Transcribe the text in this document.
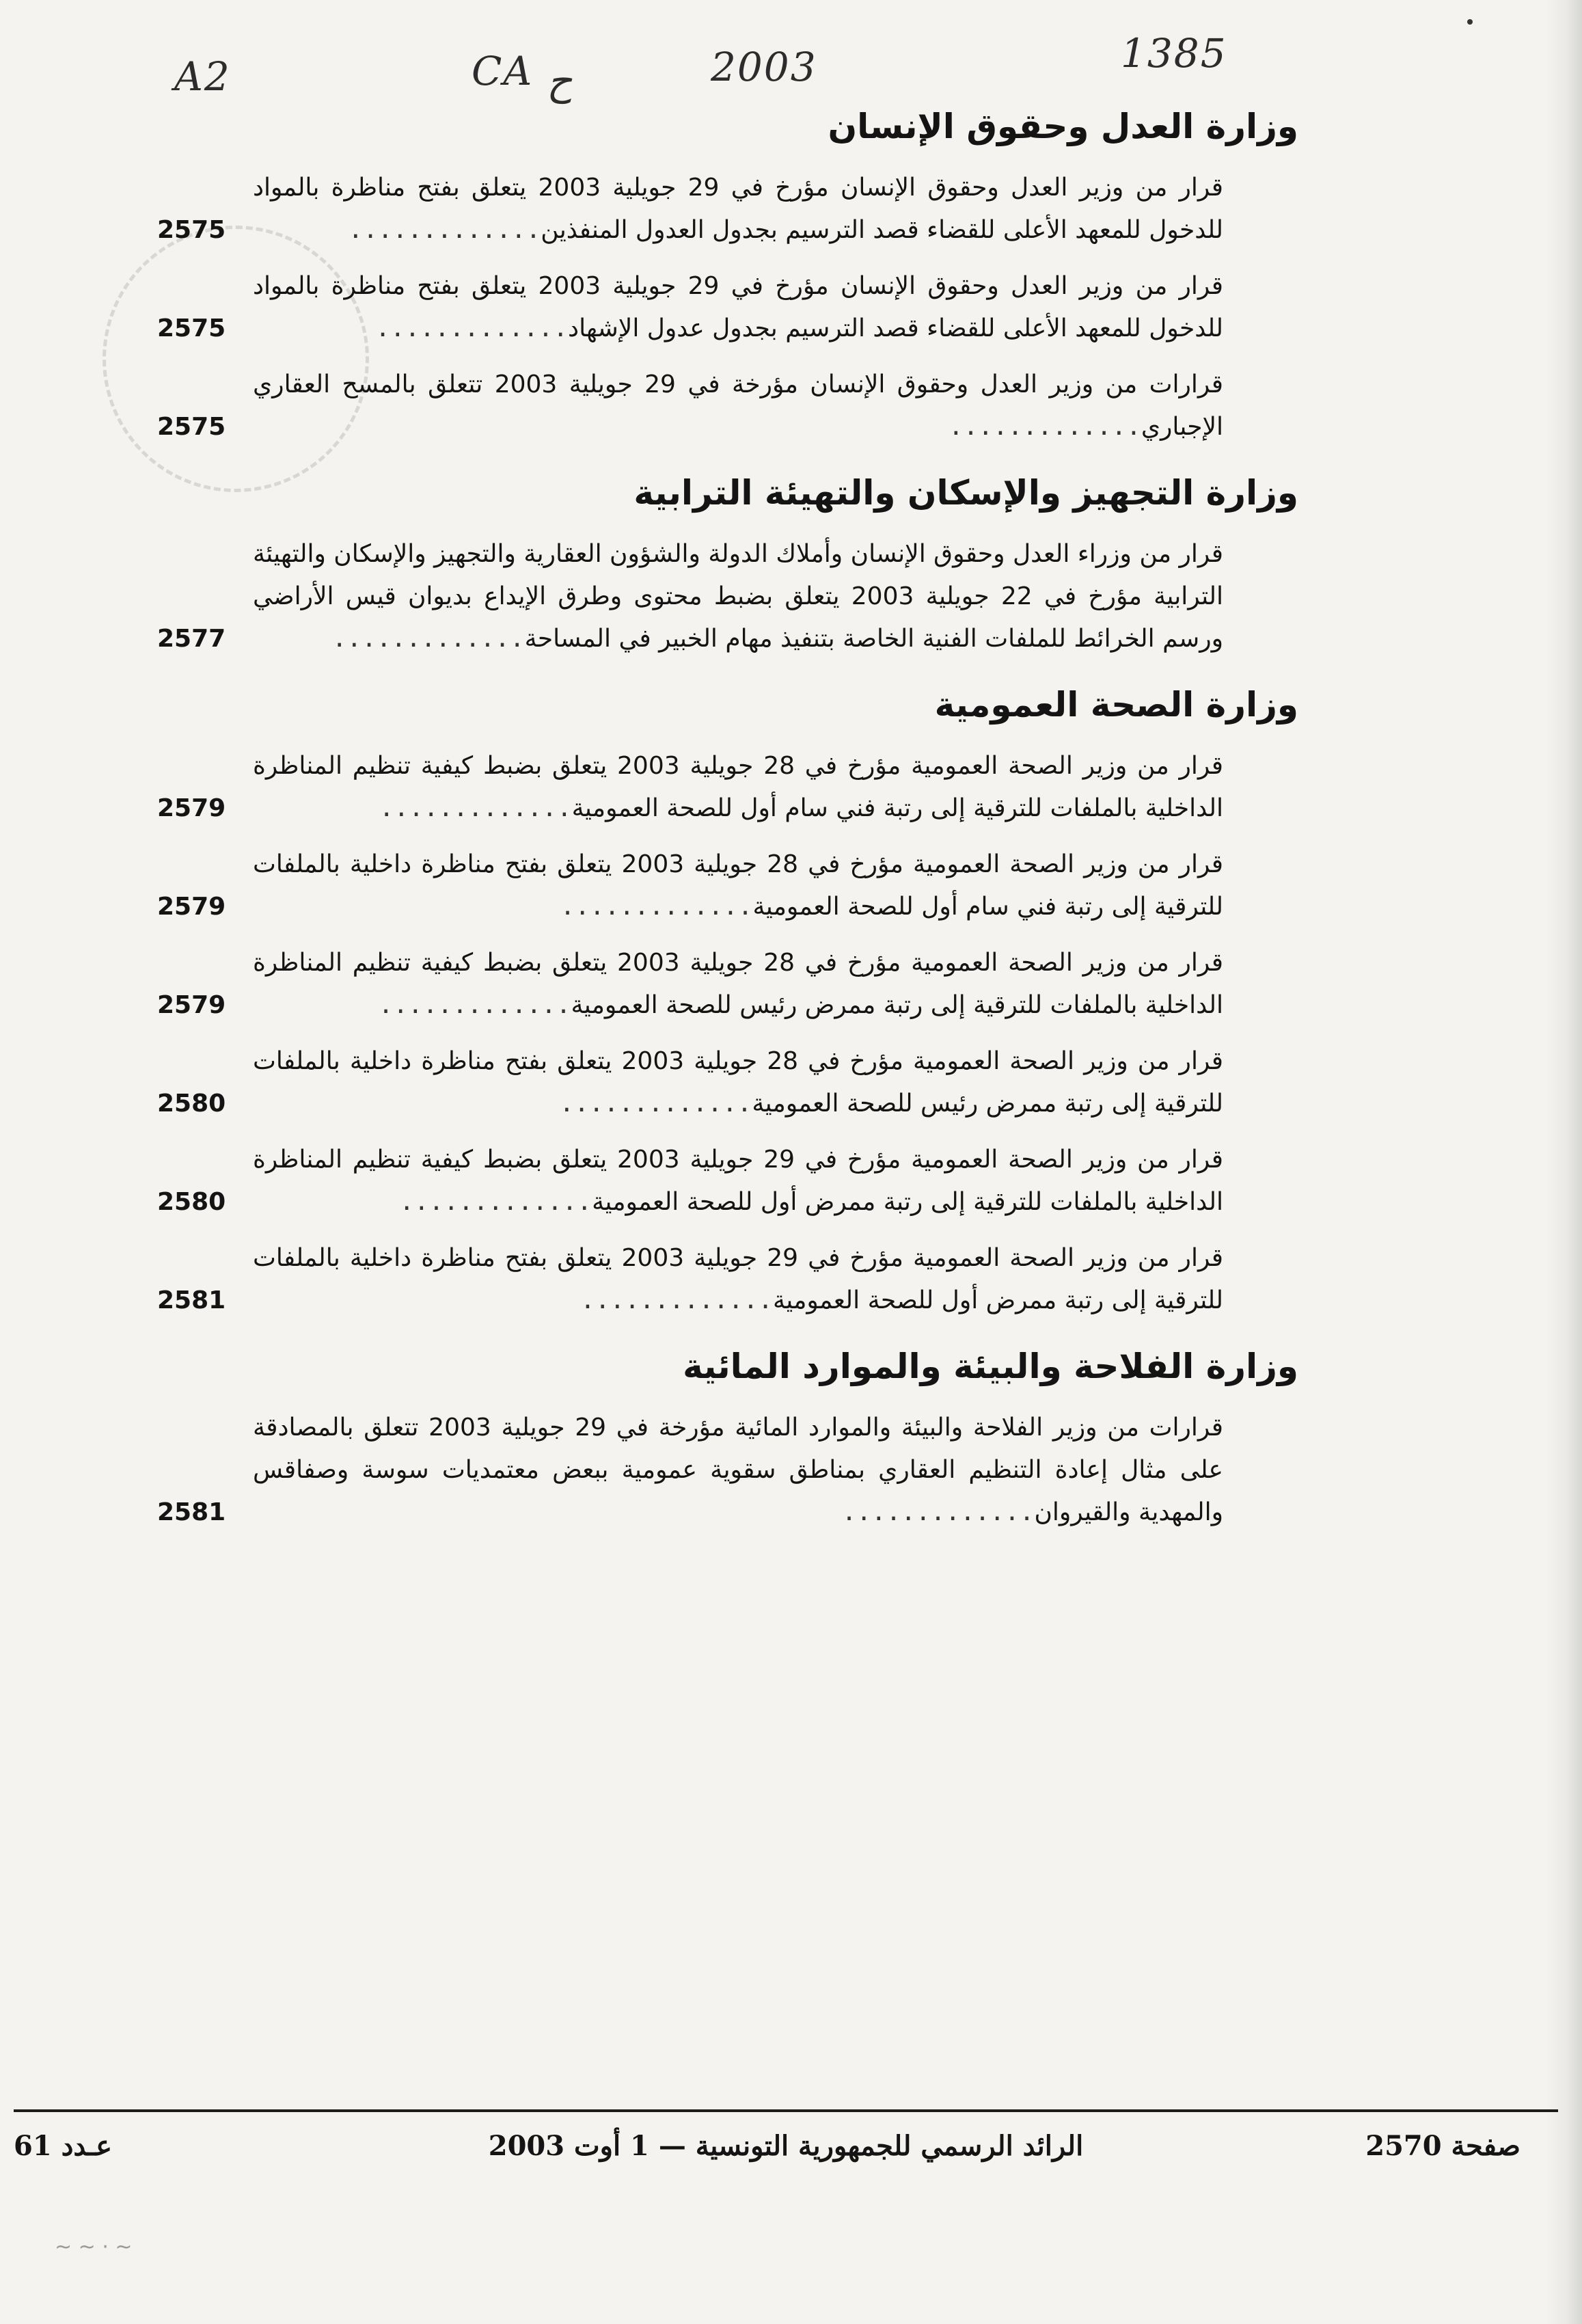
A2	CA ح	2003	1385
وزارة العدل وحقوق الإنسان
قرار من وزير العدل وحقوق الإنسان مؤرخ في 29 جويلية 2003 يتعلق بفتح مناظرة بالمواد للدخول للمعهد الأعلى للقضاء قصد الترسيم بجدول العدول المنفذين.............
2575
قرار من وزير العدل وحقوق الإنسان مؤرخ في 29 جويلية 2003 يتعلق بفتح مناظرة بالمواد للدخول للمعهد الأعلى للقضاء قصد الترسيم بجدول عدول الإشهاد.............
2575
قرارات من وزير العدل وحقوق الإنسان مؤرخة في 29 جويلية 2003 تتعلق بالمسح العقاري الإجباري.............
2575
وزارة التجهيز والإسكان والتهيئة الترابية
قرار من وزراء العدل وحقوق الإنسان وأملاك الدولة والشؤون العقارية والتجهيز والإسكان والتهيئة الترابية مؤرخ في 22 جويلية 2003 يتعلق بضبط محتوى وطرق الإيداع بديوان قيس الأراضي ورسم الخرائط للملفات الفنية الخاصة بتنفيذ مهام الخبير في المساحة.............
2577
وزارة الصحة العمومية
قرار من وزير الصحة العمومية مؤرخ في 28 جويلية 2003 يتعلق بضبط كيفية تنظيم المناظرة الداخلية بالملفات للترقية إلى رتبة فني سام أول للصحة العمومية.............
2579
قرار من وزير الصحة العمومية مؤرخ في 28 جويلية 2003 يتعلق بفتح مناظرة داخلية بالملفات للترقية إلى رتبة فني سام أول للصحة العمومية.............
2579
قرار من وزير الصحة العمومية مؤرخ في 28 جويلية 2003 يتعلق بضبط كيفية تنظيم المناظرة الداخلية بالملفات للترقية إلى رتبة ممرض رئيس للصحة العمومية.............
2579
قرار من وزير الصحة العمومية مؤرخ في 28 جويلية 2003 يتعلق بفتح مناظرة داخلية بالملفات للترقية إلى رتبة ممرض رئيس للصحة العمومية.............
2580
قرار من وزير الصحة العمومية مؤرخ في 29 جويلية 2003 يتعلق بضبط كيفية تنظيم المناظرة الداخلية بالملفات للترقية إلى رتبة ممرض أول للصحة العمومية.............
2580
قرار من وزير الصحة العمومية مؤرخ في 29 جويلية 2003 يتعلق بفتح مناظرة داخلية بالملفات للترقية إلى رتبة ممرض أول للصحة العمومية.............
2581
وزارة الفلاحة والبيئة والموارد المائية
قرارات من وزير الفلاحة والبيئة والموارد المائية مؤرخة في 29 جويلية 2003 تتعلق بالمصادقة على مثال إعادة التنظيم العقاري بمناطق سقوية عمومية ببعض معتمديات سوسة وصفاقس والمهدية والقيروان.............
2581
صفحة 2570
الرائد الرسمي للجمهورية التونسية — 1 أوت 2003
عـدد 61
~ ~ · ~
